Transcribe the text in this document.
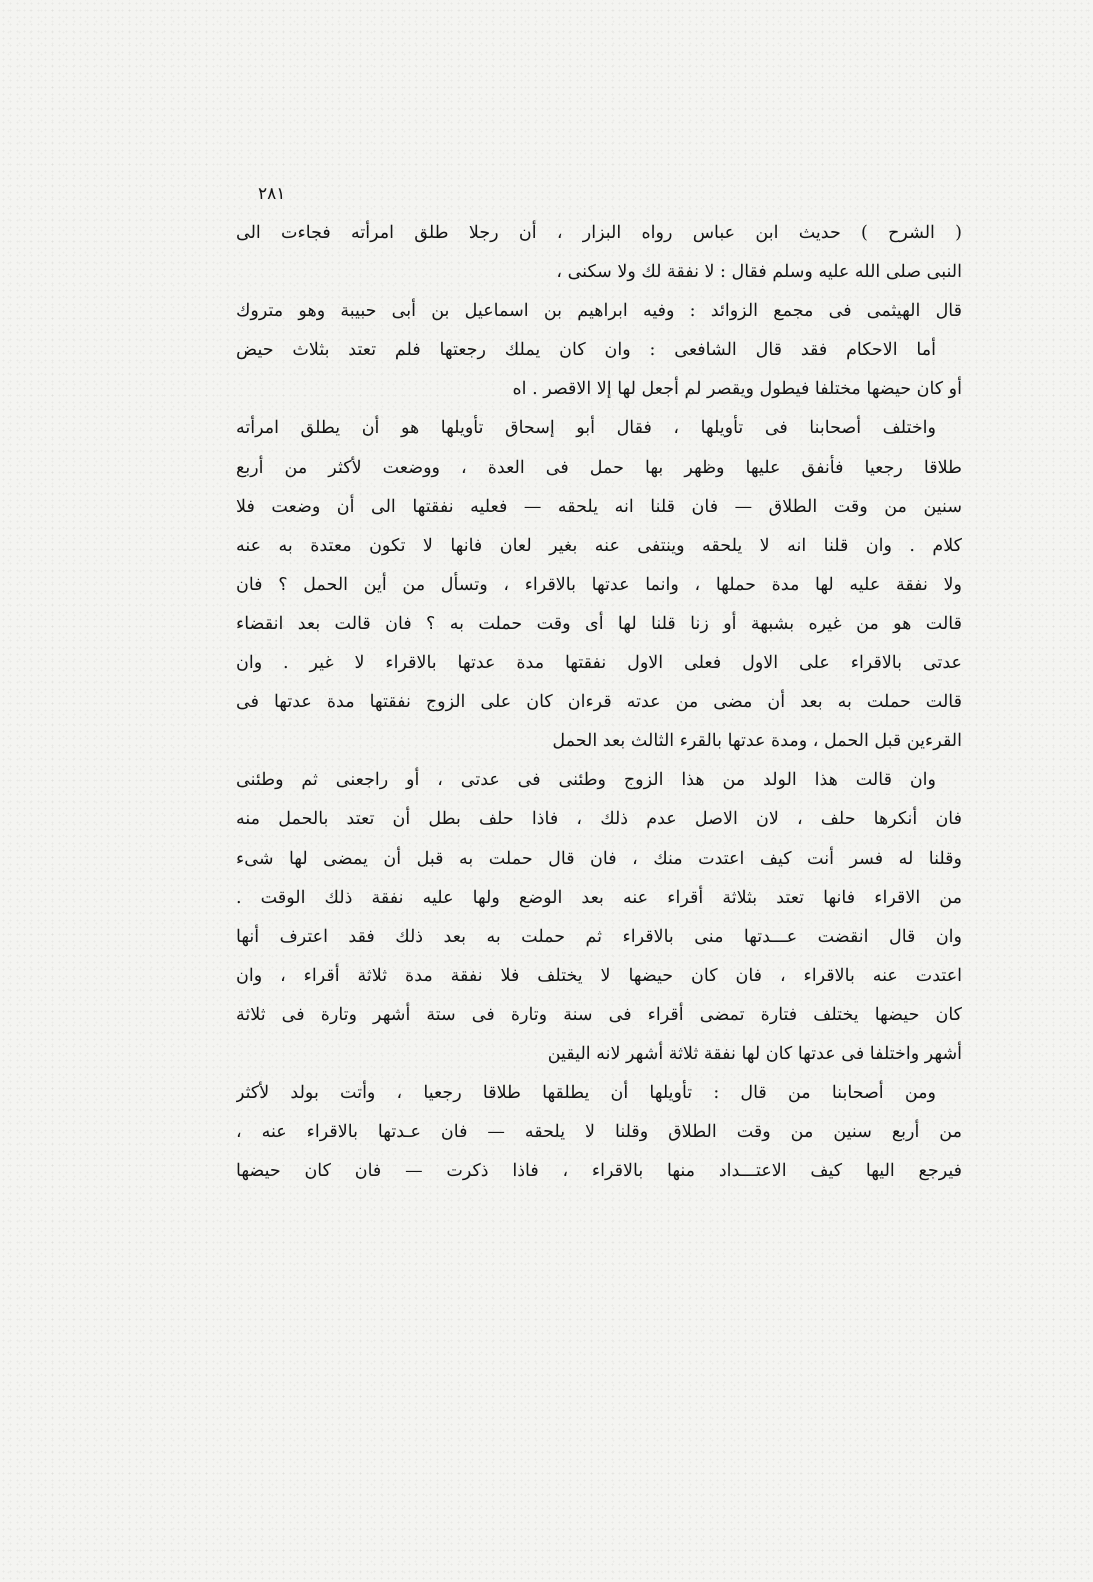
٢٨١
( الشرح ) حديث ابن عباس رواه البزار ، أن رجلا طلق امرأته فجاءت الى
النبى صلى الله عليه وسلم فقال : لا نفقة لك ولا سكنى ،
قال الهيثمى فى مجمع الزوائد : وفيه ابراهيم بن اسماعيل بن أبى حبيبة وهو متروك
أما الاحكام فقد قال الشافعى : وان كان يملك رجعتها فلم تعتد بثلاث حيض
أو كان حيضها مختلفا فيطول ويقصر لم أجعل لها إلا الاقصر . اه
واختلف أصحابنا فى تأويلها ، فقال أبو إسحاق تأويلها هو أن يطلق امرأته
طلاقا رجعيا فأنفق عليها وظهر بها حمل فى العدة ، ووضعت لأكثر من أربع
سنين من وقت الطلاق — فان قلنا انه يلحقه — فعليه نفقتها الى أن وضعت فلا
كلام . وان قلنا انه لا يلحقه وينتفى عنه بغير لعان فانها لا تكون معتدة به عنه
ولا نفقة عليه لها مدة حملها ، وانما عدتها بالاقراء ، وتسأل من أين الحمل ؟ فان
قالت هو من غيره بشبهة أو زنا قلنا لها أى وقت حملت به ؟ فان قالت بعد انقضاء
عدتى بالاقراء على الاول فعلى الاول نفقتها مدة عدتها بالاقراء لا غير . وان
قالت حملت به بعد أن مضى من عدته قرءان كان على الزوج نفقتها مدة عدتها فى
القرءين قبل الحمل ، ومدة عدتها بالقرء الثالث بعد الحمل
وان قالت هذا الولد من هذا الزوج وطئنى فى عدتى ، أو راجعنى ثم وطئنى
فان أنكرها حلف ، لان الاصل عدم ذلك ، فاذا حلف بطل أن تعتد بالحمل منه
وقلنا له فسر أنت كيف اعتدت منك ، فان قال حملت به قبل أن يمضى لها شىء
من الاقراء فانها تعتد بثلاثة أقراء عنه بعد الوضع ولها عليه نفقة ذلك الوقت .
وان قال انقضت عـــدتها منى بالاقراء ثم حملت به بعد ذلك فقد اعترف أنها
اعتدت عنه بالاقراء ، فان كان حيضها لا يختلف فلا نفقة مدة ثلاثة أقراء ، وان
كان حيضها يختلف فتارة تمضى أقراء فى سنة وتارة فى ستة أشهر وتارة فى ثلاثة
أشهر واختلفا فى عدتها كان لها نفقة ثلاثة أشهر لانه اليقين
ومن أصحابنا من قال : تأويلها أن يطلقها طلاقا رجعيا ، وأتت بولد لأكثر
من أربع سنين من وقت الطلاق وقلنا لا يلحقه — فان عـدتها بالاقراء عنه ،
فيرجع اليها كيف الاعتـــداد منها بالاقراء ، فاذا ذكرت — فان كان حيضها
